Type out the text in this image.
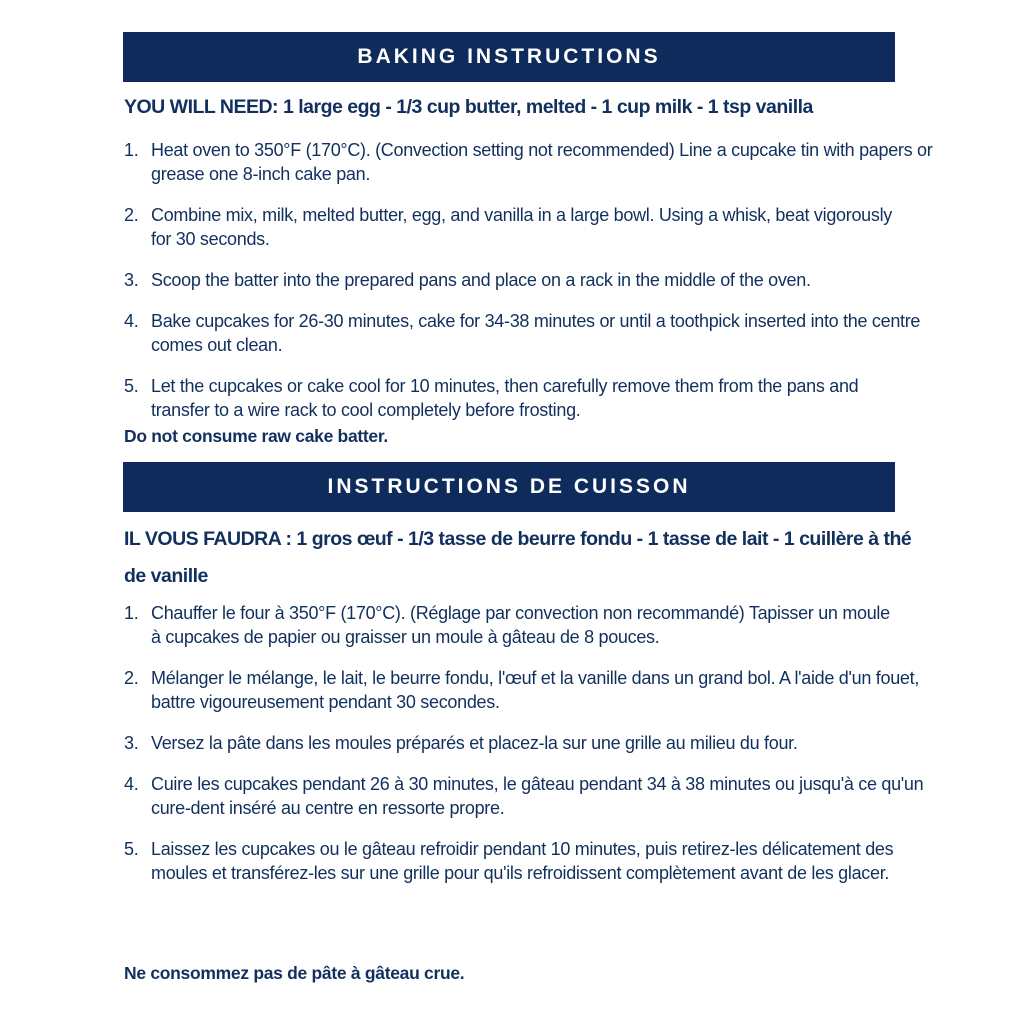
BAKING INSTRUCTIONS
YOU WILL NEED: 1 large egg - 1/3 cup butter, melted - 1 cup milk - 1 tsp vanilla
1. Heat oven to 350°F (170°C). (Convection setting not recommended) Line a cupcake tin with papers or grease one 8-inch cake pan.
2. Combine mix, milk, melted butter, egg, and vanilla in a large bowl. Using a whisk, beat vigorously for 30 seconds.
3. Scoop the batter into the prepared pans and place on a rack in the middle of the oven.
4. Bake cupcakes for 26-30 minutes, cake for 34-38 minutes or until a toothpick inserted into the centre comes out clean.
5. Let the cupcakes or cake cool for 10 minutes, then carefully remove them from the pans and transfer to a wire rack to cool completely before frosting.
Do not consume raw cake batter.
INSTRUCTIONS DE CUISSON
IL VOUS FAUDRA : 1 gros œuf - 1/3 tasse de beurre fondu - 1 tasse de lait - 1 cuillère à thé de vanille
1. Chauffer le four à 350°F (170°C). (Réglage par convection non recommandé) Tapisser un moule à cupcakes de papier ou graisser un moule à gâteau de 8 pouces.
2. Mélanger le mélange, le lait, le beurre fondu, l'œuf et la vanille dans un grand bol. A l'aide d'un fouet, battre vigoureusement pendant 30 secondes.
3. Versez la pâte dans les moules préparés et placez-la sur une grille au milieu du four.
4. Cuire les cupcakes pendant 26 à 30 minutes, le gâteau pendant 34 à 38 minutes ou jusqu'à ce qu'un cure-dent inséré au centre en ressorte propre.
5. Laissez les cupcakes ou le gâteau refroidir pendant 10 minutes, puis retirez-les délicatement des moules et transférez-les sur une grille pour qu'ils refroidissent complètement avant de les glacer.
Ne consommez pas de pâte à gâteau crue.
